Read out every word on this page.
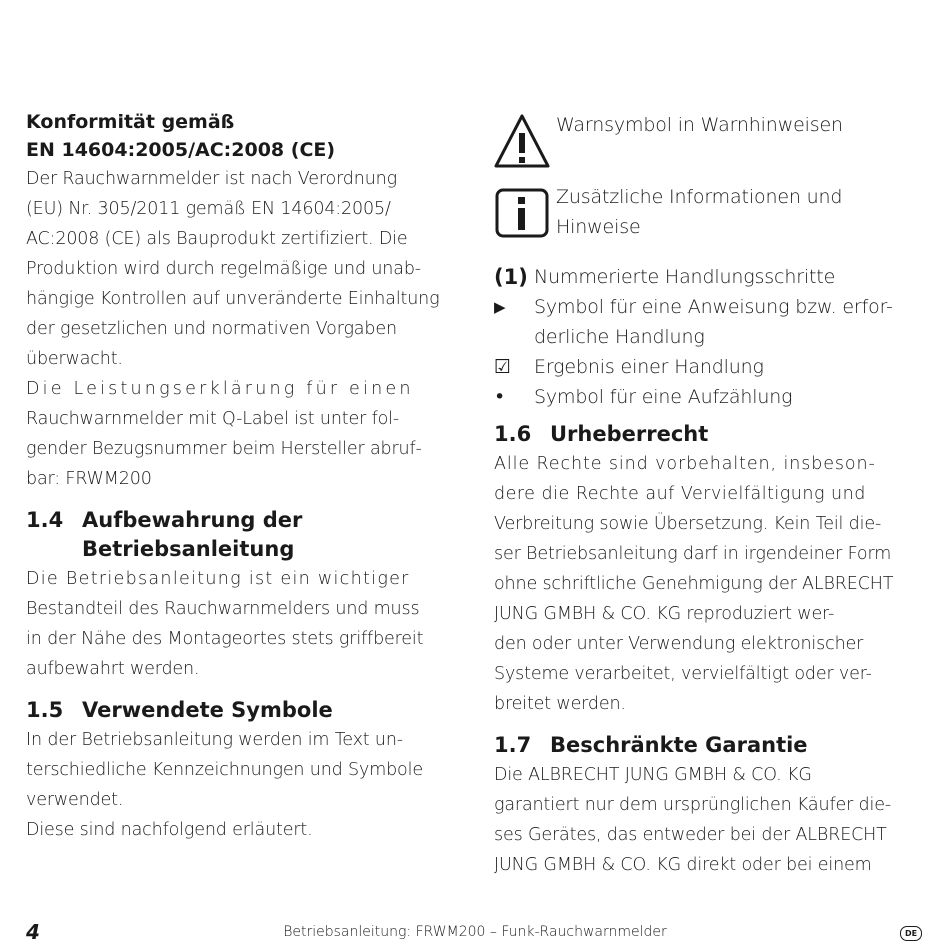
Konformität gemäß

EN 14604:2005/AC:2008 (CE)

Der Rauchwarnmelder ist nach Verordnung

(EU) Nr. 305/2011 gemäß EN 14604:2005/

AC:2008 (CE) als Bauprodukt zertifiziert. Die

Produktion wird durch regelmäßige und unab-

hängige Kontrollen auf unveränderte Einhaltung

der gesetzlichen und normativen Vorgaben

überwacht.

Die Leistungserklärung für einen

Rauchwarnmelder mit Q-Label ist unter fol-

gender Bezugsnummer beim Hersteller abruf-

bar: FRWM200

1.4 Aufbewahrung der
Betriebsanleitung

Die Betriebsanleitung ist ein wichtiger

Bestandteil des Rauchwarnmelders und muss

in der Nähe des Montageortes stets griffbereit

aufbewahrt werden.

1.5 Verwendete Symbole

In der Betriebsanleitung werden im Text un-

terschiedliche Kennzeichnungen und Symbole

verwendet.

Diese sind nachfolgend erläutert.

Warnsymbol in Warnhinweisen

Zusätzliche Informationen und

Hinweise

(1) Nummerierte Handlungsschritte

▶	Symbol für eine Anweisung bzw. erfor-

derliche Handlung

☑	Ergebnis einer Handlung

•	Symbol für eine Aufzählung

1.6 Urheberrecht

Alle Rechte sind vorbehalten, insbeson-

dere die Rechte auf Vervielfältigung und

Verbreitung sowie Übersetzung. Kein Teil die-

ser Betriebsanleitung darf in irgendeiner Form

ohne schriftliche Genehmigung der ALBRECHT

JUNG GMBH & CO. KG reproduziert wer-

den oder unter Verwendung elektronischer

Systeme verarbeitet, vervielfältigt oder ver-

breitet werden.

1.7 Beschränkte Garantie

Die ALBRECHT JUNG GMBH & CO. KG

garantiert nur dem ursprünglichen Käufer die-

ses Gerätes, das entweder bei der ALBRECHT

JUNG GMBH & CO. KG direkt oder bei einem

4	Betriebsanleitung: FRWM200 – Funk-Rauchwarnmelder	DE
